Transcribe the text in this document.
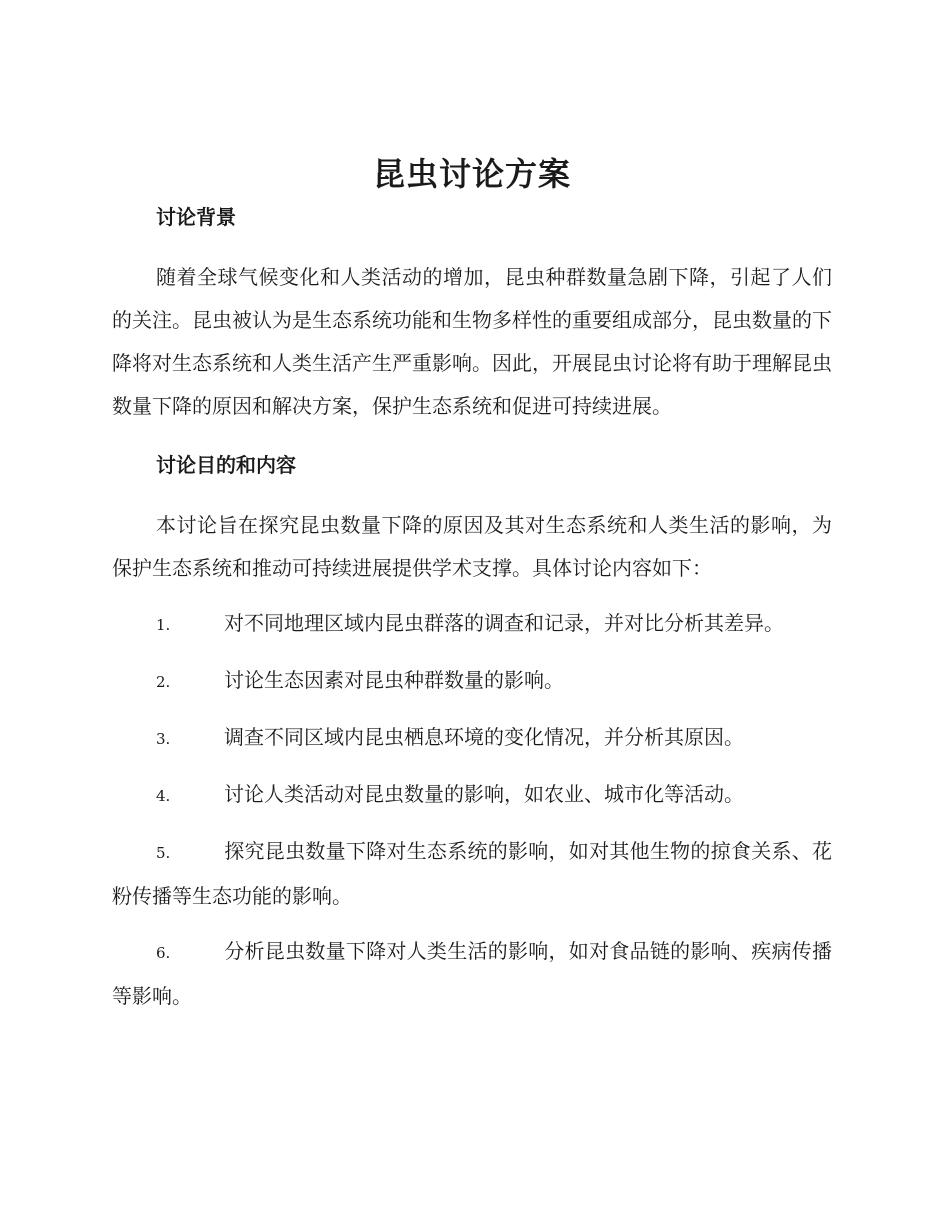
昆虫讨论方案
讨论背景

随着全球气候变化和人类活动的增加，昆虫种群数量急剧下降，引起了人们的关注。昆虫被认为是生态系统功能和生物多样性的重要组成部分，昆虫数量的下降将对生态系统和人类生活产生严重影响。因此，开展昆虫讨论将有助于理解昆虫数量下降的原因和解决方案，保护生态系统和促进可持续进展。

讨论目的和内容

本讨论旨在探究昆虫数量下降的原因及其对生态系统和人类生活的影响，为保护生态系统和推动可持续进展提供学术支撑。具体讨论内容如下：

1.	对不同地理区域内昆虫群落的调查和记录，并对比分析其差异。
2.	讨论生态因素对昆虫种群数量的影响。
3.	调查不同区域内昆虫栖息环境的变化情况，并分析其原因。
4.	讨论人类活动对昆虫数量的影响，如农业、城市化等活动。
5.	探究昆虫数量下降对生态系统的影响，如对其他生物的掠食关系、花粉传播等生态功能的影响。
6.	分析昆虫数量下降对人类生活的影响，如对食品链的影响、疾病传播等影响。
